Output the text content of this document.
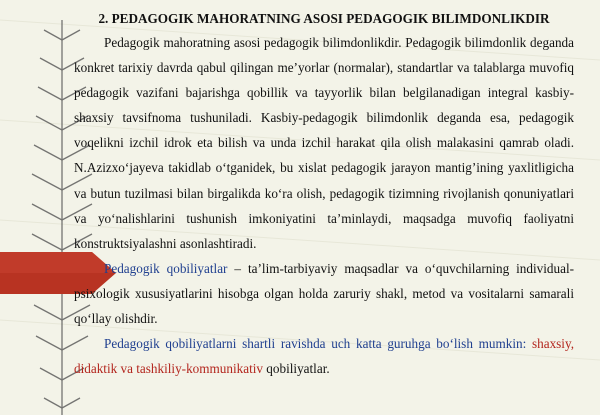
2. PEDAGOGIK MAHORATNING ASOSI PEDAGOGIK BILIMDONLIKDIR

Pedagogik mahoratning asosi pedagogik bilimdonlikdir. Pedagogik bilimdonlik deganda konkret tarixiy davrda qabul qilingan me’yorlar (normalar), standartlar va talablarga muvofiq pedagogik vazifani bajarishga qobillik va tayyorlik bilan belgilanadigan integral kasbiy-shaxsiy tavsifnoma tushuniladi. Kasbiy-pedagogik bilimdonlik deganda esa, pedagogik voqelikni izchil idrok eta bilish va unda izchil harakat qila olish malakasini qamrab oladi. N.Azizxo‘jayeva takidlab o‘tganidek, bu xislat pedagogik jarayon mantig’ining yaxlitligicha va butun tuzilmasi bilan birgalikda ko‘ra olish, pedagogik tizimning rivojlanish qonuniyatlari va yo‘nalishlarini tushunish imkoniyatini ta’minlaydi, maqsadga muvofiq faoliyatni konstruktsiyalashni asonlashtiradi.

Pedagogik qobiliyatlar – ta’lim-tarbiyaviy maqsadlar va o‘quvchilarning individual-psixologik xususiyatlarini hisobga olgan holda zaruriy shakl, metod va vositalarni samarali qo‘llay olishdir.

Pedagogik qobiliyatlarni shartli ravishda uch katta guruhga bo‘lish mumkin: shaxsiy, didaktik va tashkiliy-kommunikativ qobiliyatlar.
